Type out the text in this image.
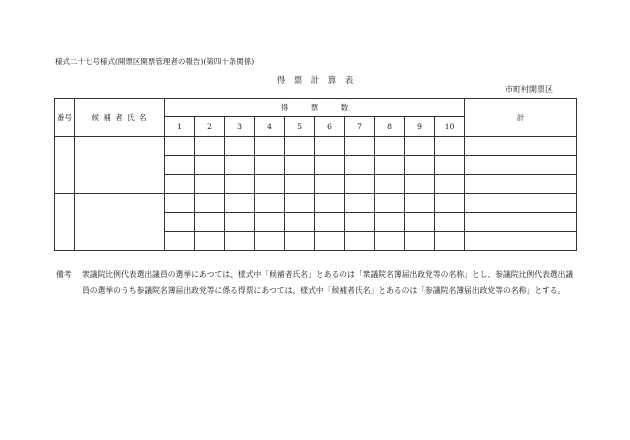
様式二十七号様式(開票区開票管理者の報告)(第四十条関係)
得　票　計　算　表
市町村開票区
番号	候 補 者 氏 名	得　　　票　　　数										計
		1	2	3	4	5	6	7	8	9	10	

備考	衆議院比例代表選出議員の選挙にあつては、様式中「候補者氏名」とあるのは「衆議院名簿届出政党等の名称」とし、参議院比例代表選出議員の選挙のうち参議院名簿届出政党等に係る得票にあつては、様式中「候補者氏名」とあるのは「参議院名簿届出政党等の名称」とする。
